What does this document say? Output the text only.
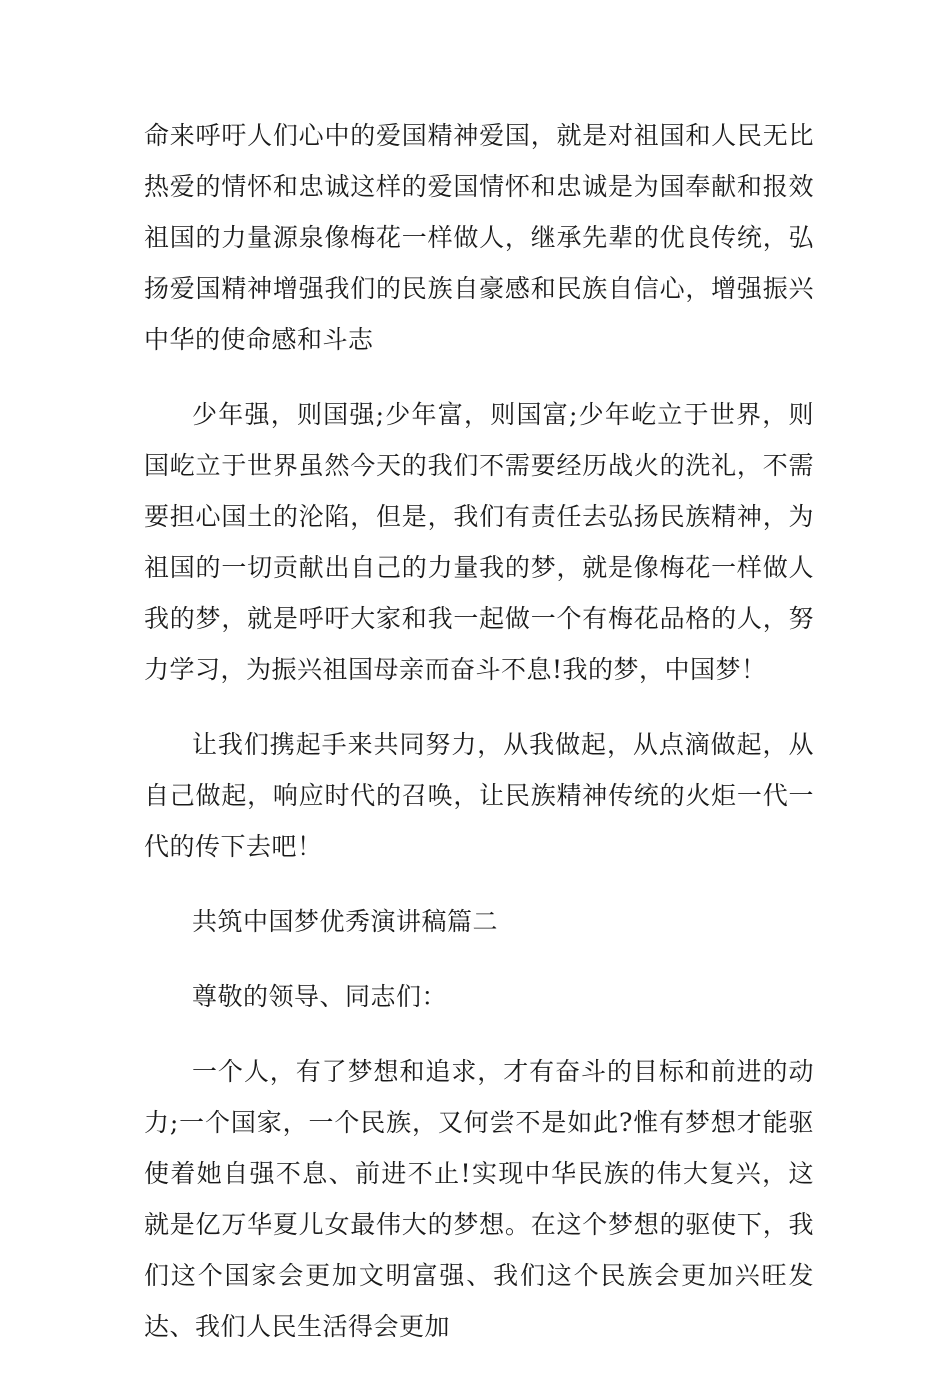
命来呼吁人们心中的爱国精神爱国，就是对祖国和人民无比热爱的情怀和忠诚这样的爱国情怀和忠诚是为国奉献和报效祖国的力量源泉像梅花一样做人，继承先辈的优良传统，弘扬爱国精神增强我们的民族自豪感和民族自信心，增强振兴中华的使命感和斗志

少年强，则国强;少年富，则国富;少年屹立于世界，则国屹立于世界虽然今天的我们不需要经历战火的洗礼，不需要担心国土的沦陷，但是，我们有责任去弘扬民族精神，为祖国的一切贡献出自己的力量我的梦，就是像梅花一样做人我的梦，就是呼吁大家和我一起做一个有梅花品格的人，努力学习，为振兴祖国母亲而奋斗不息!我的梦，中国梦！

让我们携起手来共同努力，从我做起，从点滴做起，从自己做起，响应时代的召唤，让民族精神传统的火炬一代一代的传下去吧！

共筑中国梦优秀演讲稿篇二

尊敬的领导、同志们：

一个人，有了梦想和追求，才有奋斗的目标和前进的动力;一个国家，一个民族，又何尝不是如此?惟有梦想才能驱使着她自强不息、前进不止!实现中华民族的伟大复兴，这就是亿万华夏儿女最伟大的梦想。在这个梦想的驱使下，我们这个国家会更加文明富强、我们这个民族会更加兴旺发达、我们人民生活得会更加
